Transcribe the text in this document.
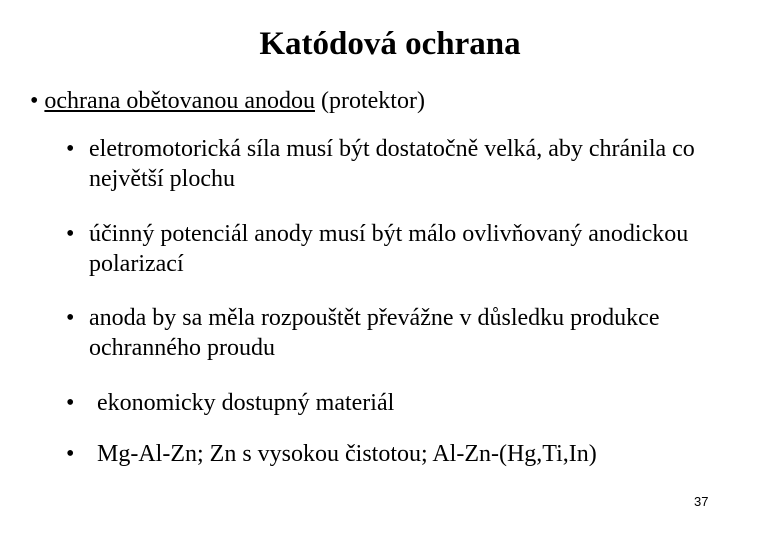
Katódová ochrana
• ochrana obětovanou anodou (protektor)
• eletromotorická síla musí být dostatočně velká, aby chránila co největší plochu
• účinný potenciál anody musí být málo ovlivňovaný anodickou polarizací
• anoda by sa měla rozpouštět převážne v důsledku produkce ochranného proudu
• ekonomicky dostupný materiál
• Mg-Al-Zn; Zn s vysokou čistotou; Al-Zn-(Hg,Ti,In)
37
